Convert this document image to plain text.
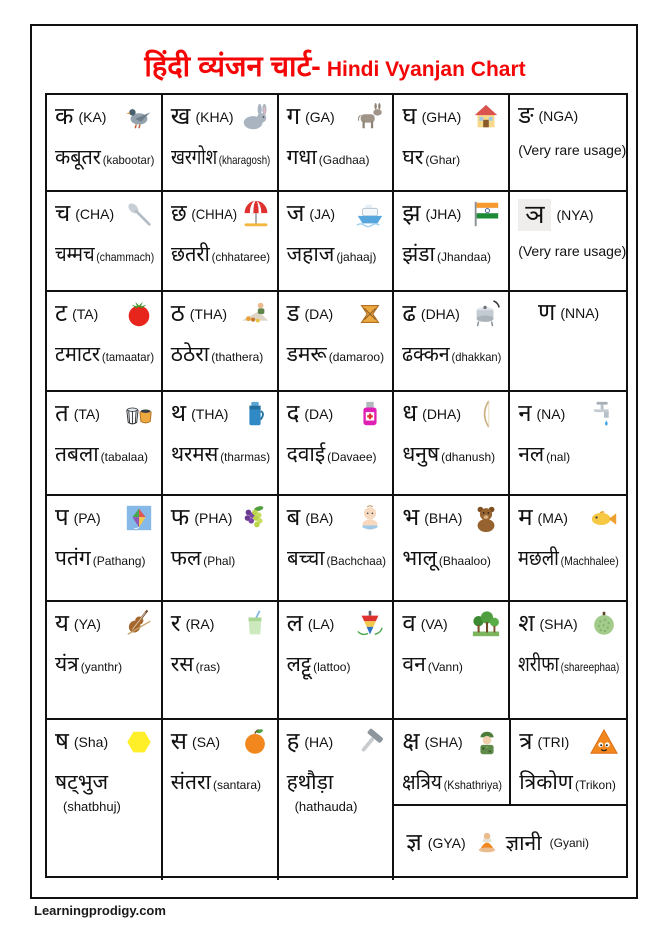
हिंदी व्यंजन चार्ट- Hindi Vyanjan Chart
क (KA)
कबूतर (kabootar)
ख (KHA)
खरगोश (kharagosh)
ग (GA)
गधा (Gadhaa)
घ (GHA)
घर (Ghar)
ङ (NGA)
(Very rare usage)
च (CHA)
चम्मच (chammach)
छ (CHHA)
छतरी (chhataree)
ज (JA)
जहाज (jahaaj)
झ (JHA)
झंडा (Jhandaa)
ञ (NYA)
(Very rare usage)
ट (TA)
टमाटर (tamaatar)
ठ (THA)
ठठेरा (thathera)
ड (DA)
डमरू (damaroo)
ढ (DHA)
ढक्कन (dhakkan)
ण (NNA)
त (TA)
तबला (tabalaa)
थ (THA)
थरमस (tharmas)
द (DA)
दवाई (Davaee)
ध (DHA)
धनुष (dhanush)
न (NA)
नल (nal)
प (PA)
पतंग (Pathang)
फ (PHA)
फल (Phal)
ब (BA)
बच्चा (Bachchaa)
भ (BHA)
भालू (Bhaaloo)
म (MA)
मछली (Machhalee)
य (YA)
यंत्र (yanthr)
र (RA)
रस (ras)
ल (LA)
लट्टू (lattoo)
व (VA)
वन (Vann)
श (SHA)
शरीफा (shareephaa)
ष (Sha)
षट्भुज
(shatbhuj)
स (SA)
संतरा (santara)
ह (HA)
हथौड़ा
(hathauda)
क्ष (SHA)
क्षत्रिय (Kshathriya)
त्र (TRI)
त्रिकोण (Trikon)
ज्ञ (GYA) ज्ञानी (Gyani)
Learningprodigy.com
